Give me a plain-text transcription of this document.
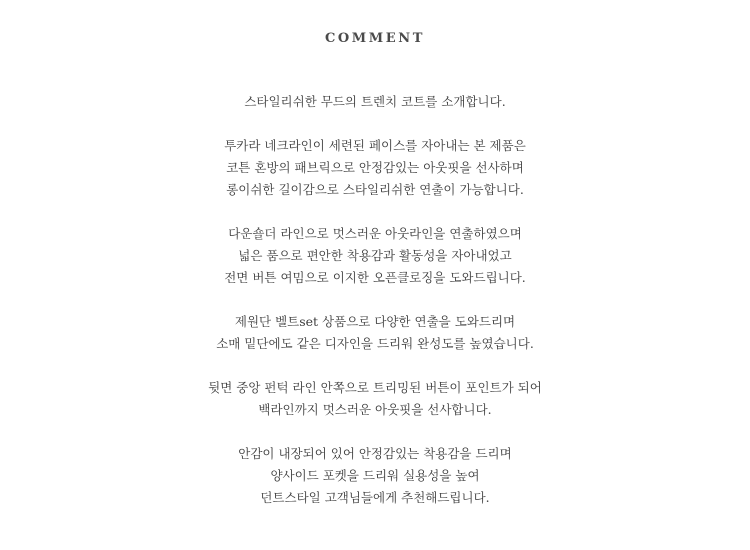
COMMENT
스타일리쉬한 무드의 트렌치 코트를 소개합니다.
투카라 네크라인이 세련된 페이스를 자아내는 본 제품은
코튼 혼방의 패브릭으로 안정감있는 아웃핏을 선사하며
롱이쉬한 길이감으로 스타일리쉬한 연출이 가능합니다.
다운숄더 라인으로 멋스러운 아웃라인을 연출하였으며
넓은 품으로 편안한 착용감과 활동성을 자아내었고
전면 버튼 여밈으로 이지한 오픈클로징을 도와드립니다.
제원단 벨트set 상품으로 다양한 연출을 도와드리며
소매 밑단에도 같은 디자인을 드리워 완성도를 높였습니다.
뒷면 중앙 펀턱 라인 안쪽으로 트리밍된 버튼이 포인트가 되어
백라인까지 멋스러운 아웃핏을 선사합니다.
안감이 내장되어 있어 안정감있는 착용감을 드리며
양사이드 포켓을 드리워 실용성을 높여
던트스타일 고객님들에게 추천해드립니다.
